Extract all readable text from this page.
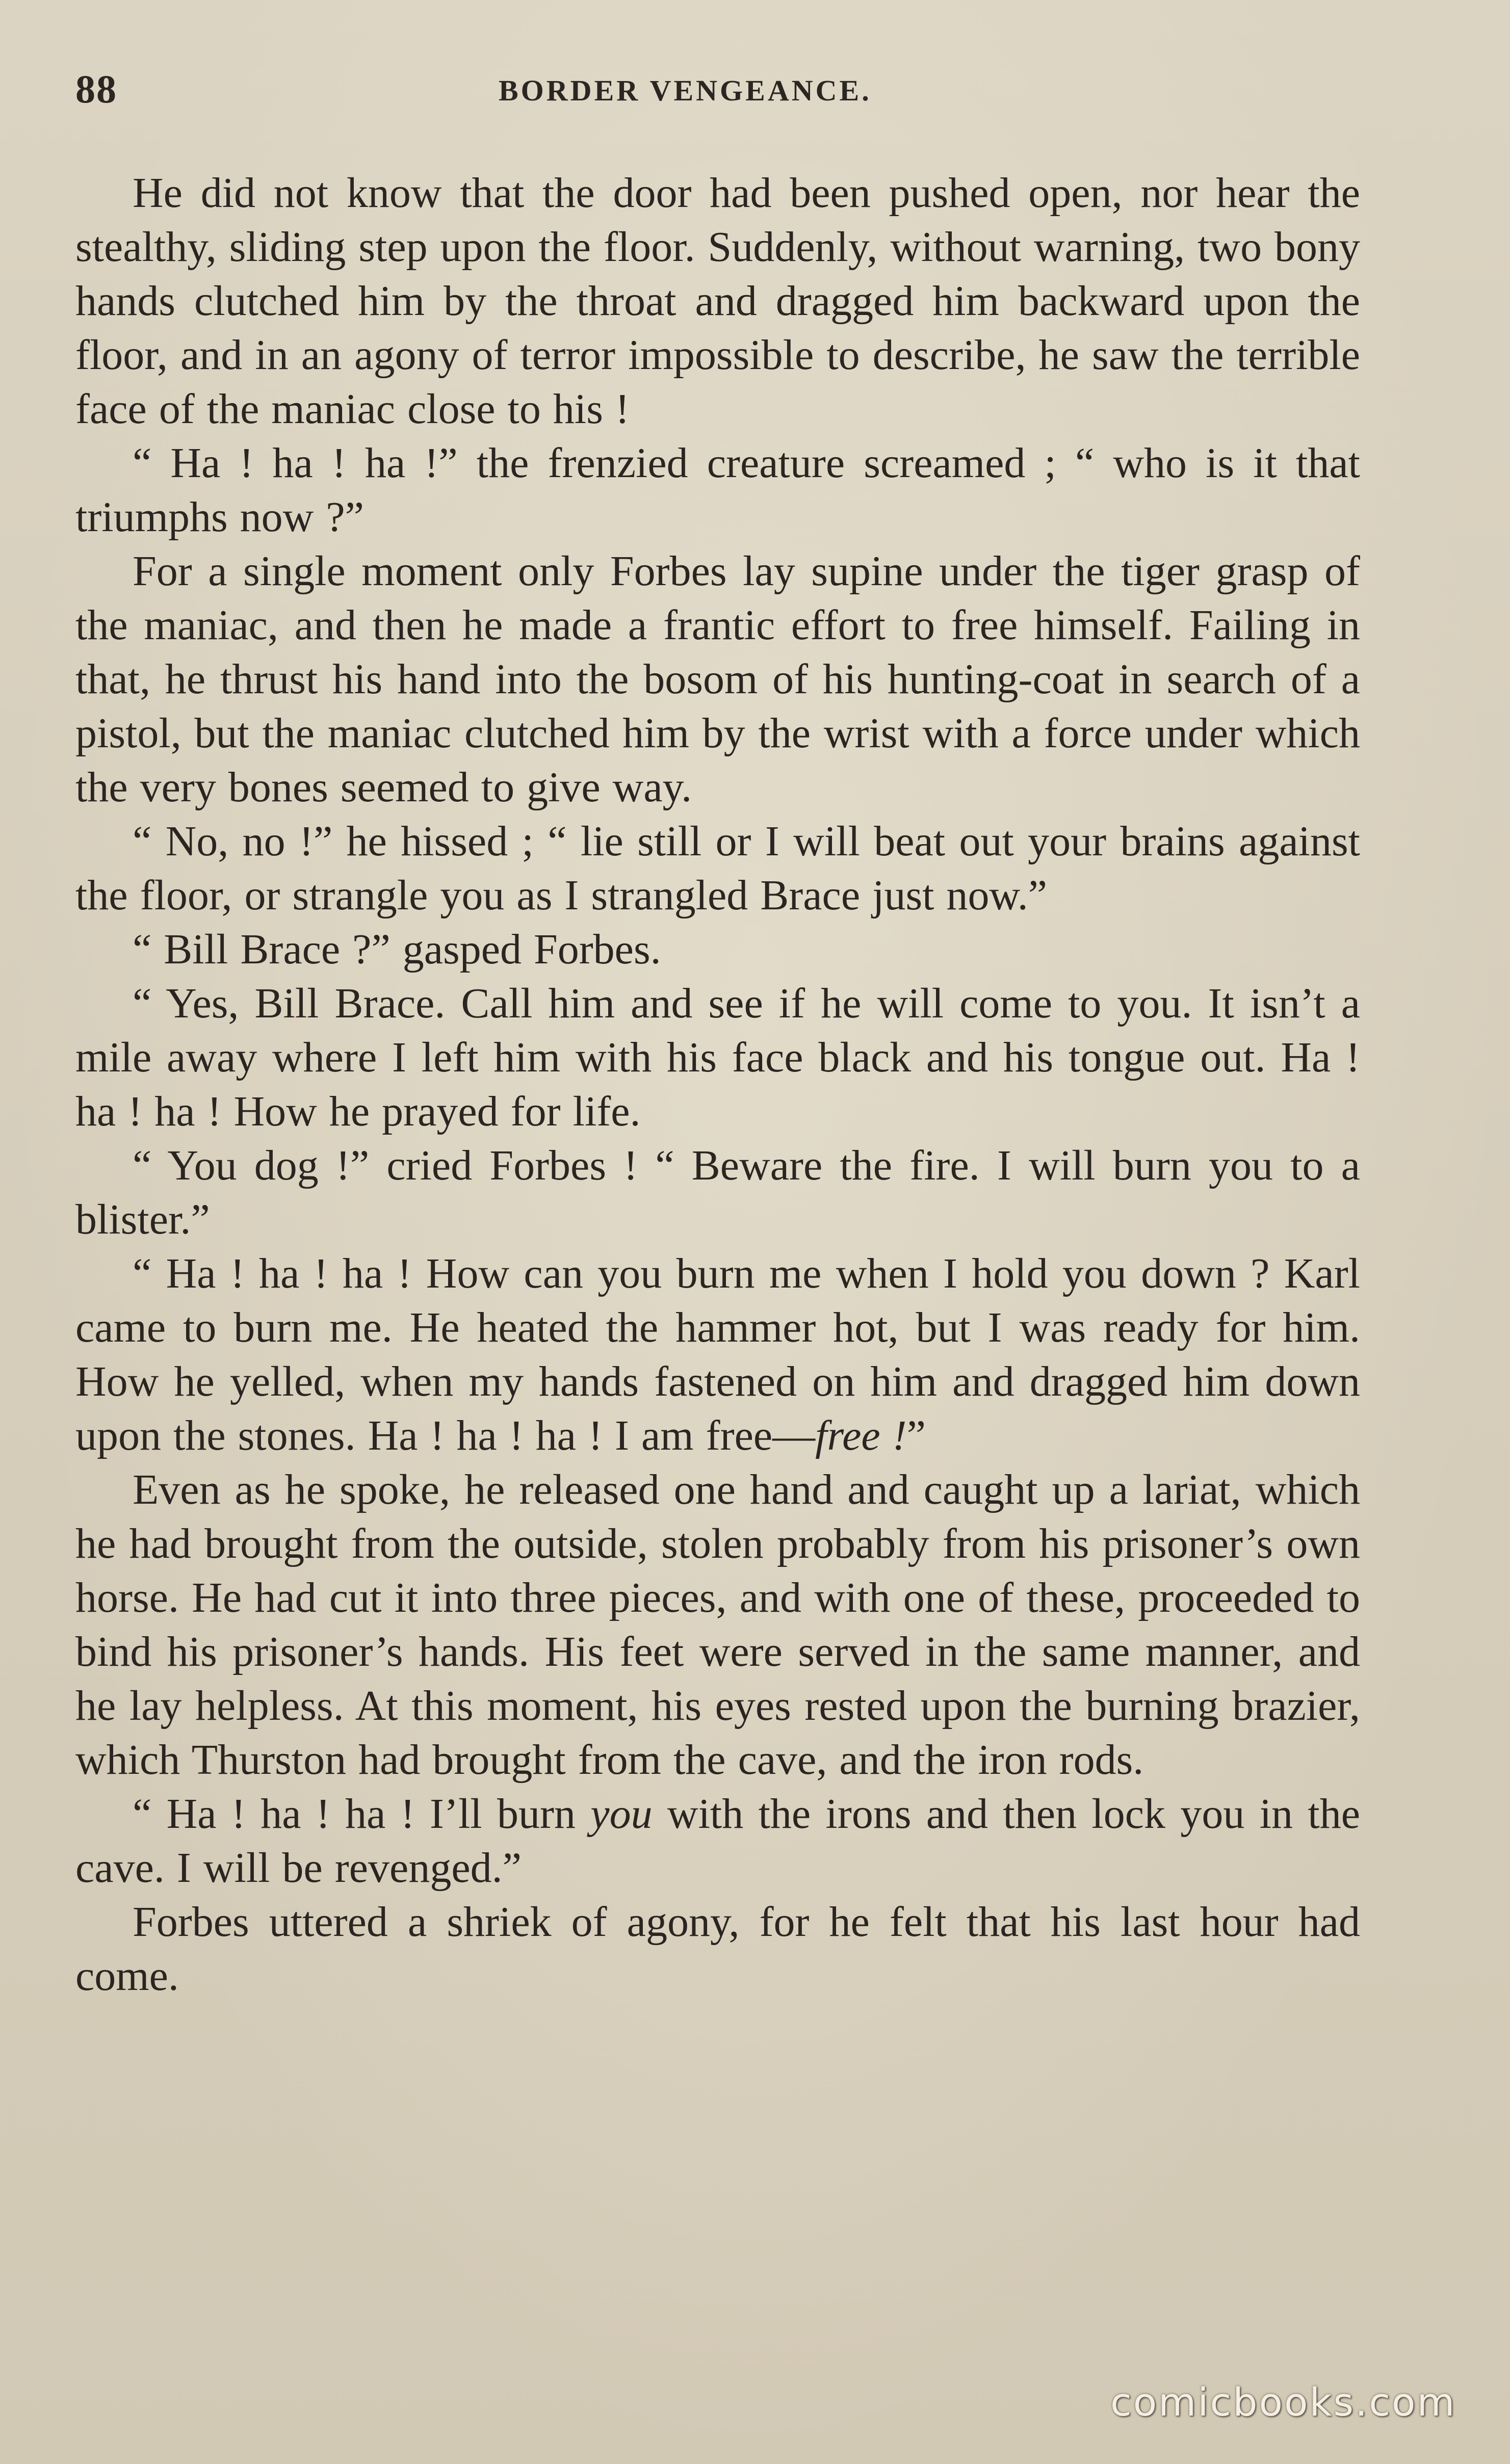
88	BORDER VENGEANCE.

He did not know that the door had been pushed open, nor hear the stealthy, sliding step upon the floor. Suddenly, without warning, two bony hands clutched him by the throat and dragged him backward upon the floor, and in an agony of terror impossible to describe, he saw the terrible face of the maniac close to his !

“ Ha ! ha ! ha !” the frenzied creature screamed ; “ who is it that triumphs now ?”

For a single moment only Forbes lay supine under the tiger grasp of the maniac, and then he made a frantic effort to free himself. Failing in that, he thrust his hand into the bosom of his hunting-coat in search of a pistol, but the maniac clutched him by the wrist with a force under which the very bones seemed to give way.

“ No, no !” he hissed ; “ lie still or I will beat out your brains against the floor, or strangle you as I strangled Brace just now.”

“ Bill Brace ?” gasped Forbes.

“ Yes, Bill Brace. Call him and see if he will come to you. It isn’t a mile away where I left him with his face black and his tongue out. Ha ! ha ! ha ! How he prayed for life.

“ You dog !” cried Forbes ! “ Beware the fire. I will burn you to a blister.”

“ Ha ! ha ! ha ! How can you burn me when I hold you down ? Karl came to burn me. He heated the hammer hot, but I was ready for him. How he yelled, when my hands fastened on him and dragged him down upon the stones. Ha ! ha ! ha ! I am free—free !”

Even as he spoke, he released one hand and caught up a lariat, which he had brought from the outside, stolen probably from his prisoner’s own horse. He had cut it into three pieces, and with one of these, proceeded to bind his prisoner’s hands. His feet were served in the same manner, and he lay helpless. At this moment, his eyes rested upon the burning brazier, which Thurston had brought from the cave, and the iron rods.

“ Ha ! ha ! ha ! I’ll burn you with the irons and then lock you in the cave. I will be revenged.”

Forbes uttered a shriek of agony, for he felt that his last hour had come.

comicbooks.com
